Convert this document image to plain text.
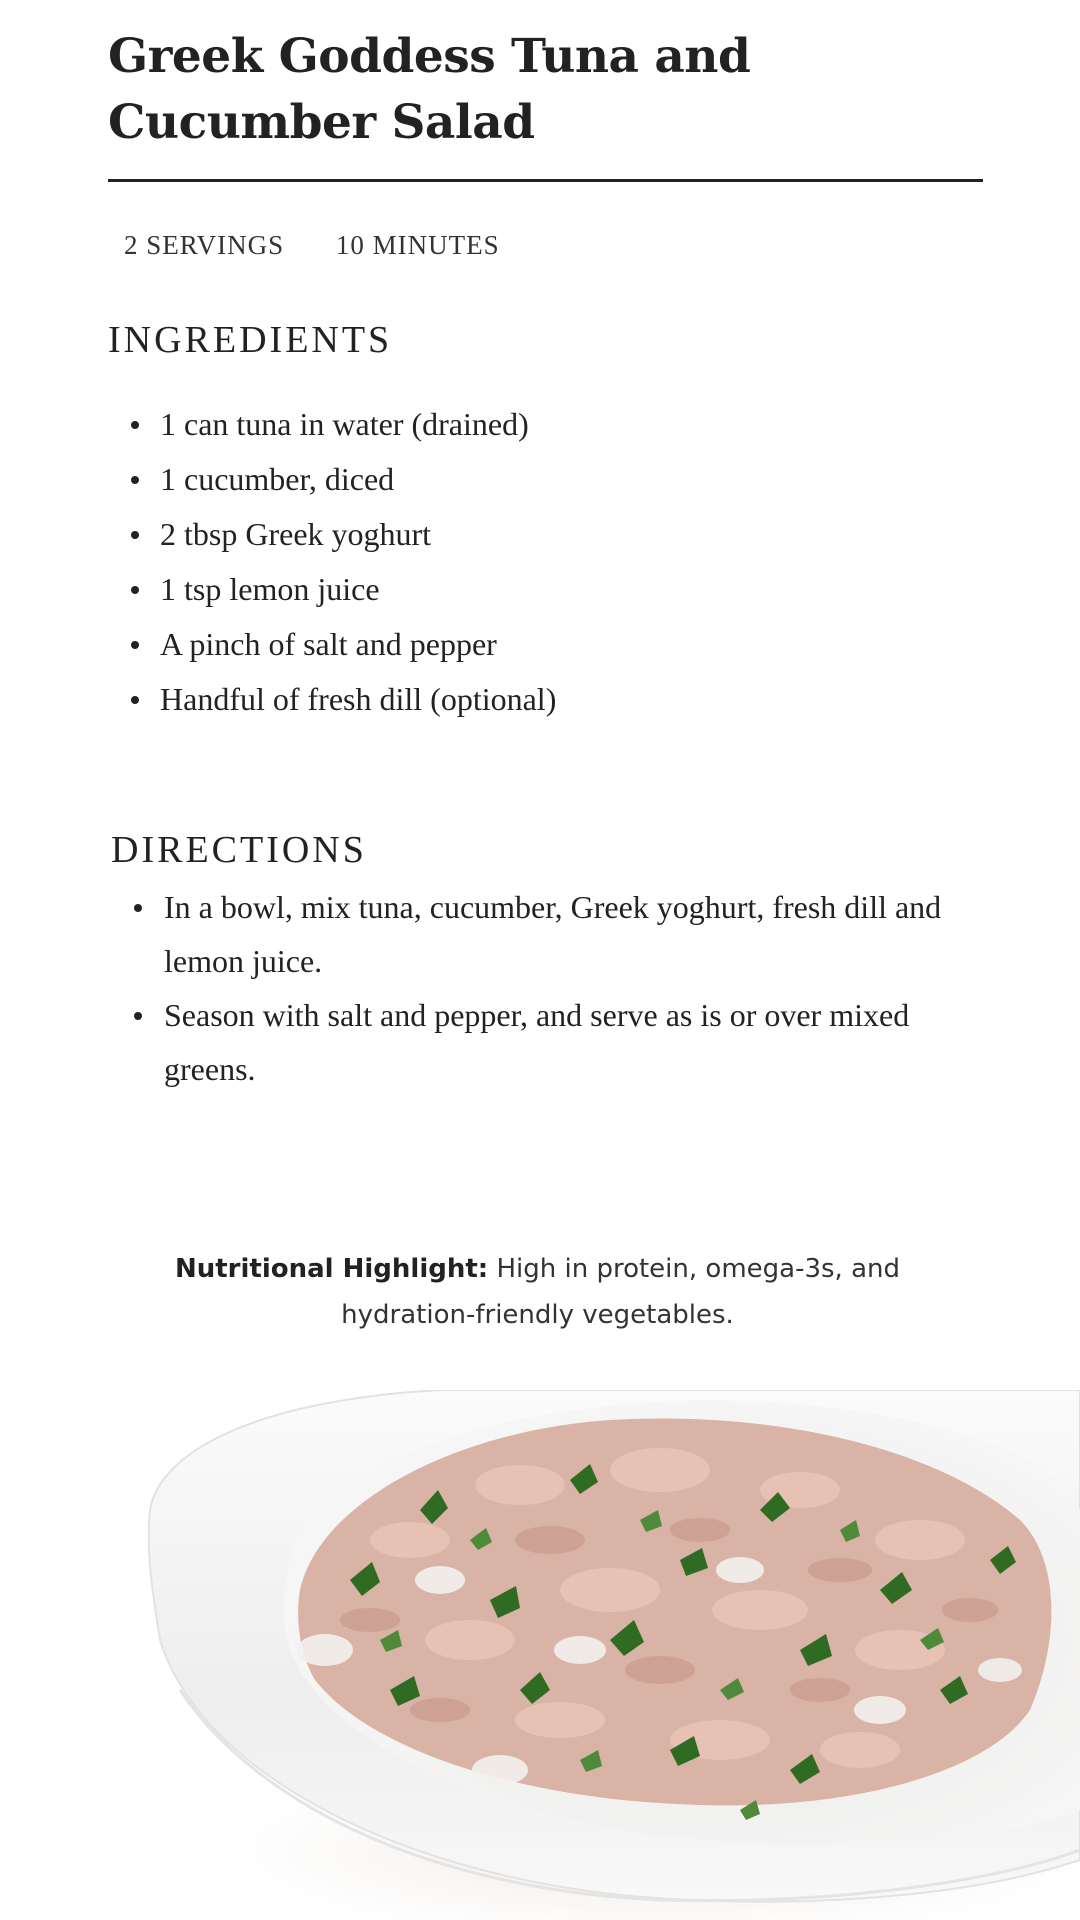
Greek Goddess Tuna and Cucumber Salad
2 SERVINGS 10 MINUTES
INGREDIENTS
1 can tuna in water (drained)
1 cucumber, diced
2 tbsp Greek yoghurt
1 tsp lemon juice
A pinch of salt and pepper
Handful of fresh dill (optional)
DIRECTIONS
In a bowl, mix tuna, cucumber, Greek yoghurt, fresh dill and lemon juice.
Season with salt and pepper, and serve as is or over mixed greens.

Nutritional Highlight: High in protein, omega-3s, and hydration-friendly vegetables.
